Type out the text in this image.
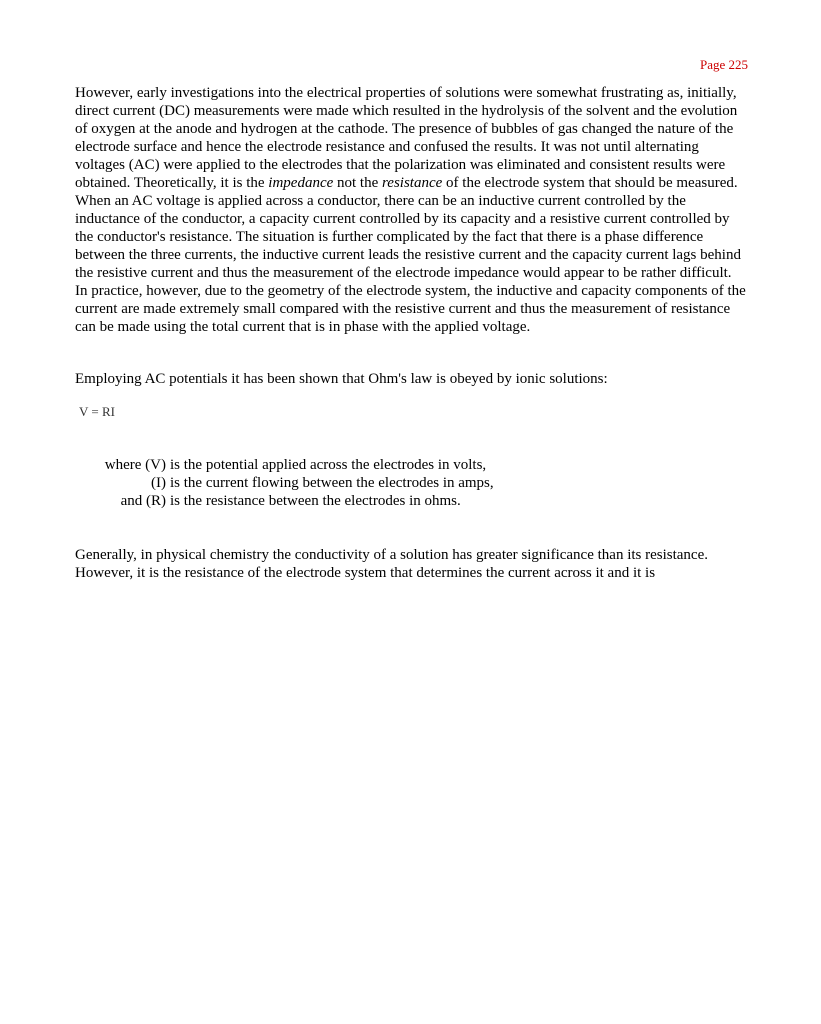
Page 225

However, early investigations into the electrical properties of solutions were somewhat frustrating as, initially, direct current (DC) measurements were made which resulted in the hydrolysis of the solvent and the evolution of oxygen at the anode and hydrogen at the cathode. The presence of bubbles of gas changed the nature of the electrode surface and hence the electrode resistance and confused the results. It was not until alternating voltages (AC) were applied to the electrodes that the polarization was eliminated and consistent results were obtained. Theoretically, it is the impedance not the resistance of the electrode system that should be measured. When an AC voltage is applied across a conductor, there can be an inductive current controlled by the inductance of the conductor, a capacity current controlled by its capacity and a resistive current controlled by the conductor's resistance. The situation is further complicated by the fact that there is a phase difference between the three currents, the inductive current leads the resistive current and the capacity current lags behind the resistive current and thus the measurement of the electrode impedance would appear to be rather difficult. In practice, however, due to the geometry of the electrode system, the inductive and capacity components of the current are made extremely small compared with the resistive current and thus the measurement of resistance can be made using the total current that is in phase with the applied voltage.

Employing AC potentials it has been shown that Ohm's law is obeyed by ionic solutions:

V = RI

where (V) is the potential applied across the electrodes in volts,
(I) is the current flowing between the electrodes in amps,
and (R) is the resistance between the electrodes in ohms.

Generally, in physical chemistry the conductivity of a solution has greater significance than its resistance. However, it is the resistance of the electrode system that determines the current across it and it is
